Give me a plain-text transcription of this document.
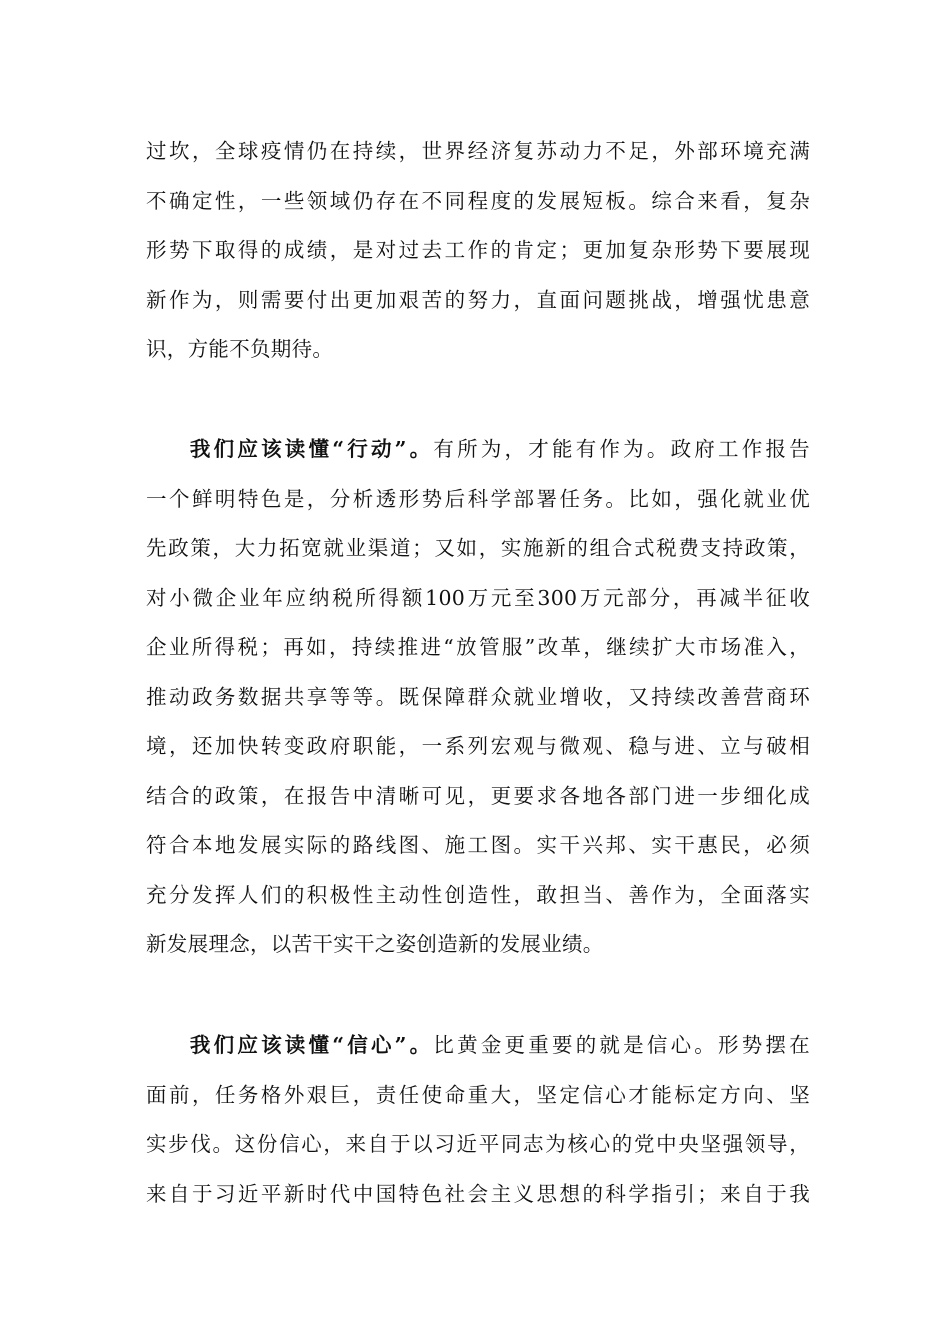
过坎，全球疫情仍在持续，世界经济复苏动力不足，外部环境充满
不确定性，一些领域仍存在不同程度的发展短板。综合来看，复杂
形势下取得的成绩，是对过去工作的肯定；更加复杂形势下要展现
新作为，则需要付出更加艰苦的努力，直面问题挑战，增强忧患意
识，方能不负期待。
我们应该读懂“行动”。有所为，才能有作为。政府工作报告
一个鲜明特色是，分析透形势后科学部署任务。比如，强化就业优
先政策，大力拓宽就业渠道；又如，实施新的组合式税费支持政策，
对小微企业年应纳税所得额100万元至300万元部分，再减半征收
企业所得税；再如，持续推进“放管服”改革，继续扩大市场准入，
推动政务数据共享等等。既保障群众就业增收，又持续改善营商环
境，还加快转变政府职能，一系列宏观与微观、稳与进、立与破相
结合的政策，在报告中清晰可见，更要求各地各部门进一步细化成
符合本地发展实际的路线图、施工图。实干兴邦、实干惠民，必须
充分发挥人们的积极性主动性创造性，敢担当、善作为，全面落实
新发展理念，以苦干实干之姿创造新的发展业绩。
我们应该读懂“信心”。比黄金更重要的就是信心。形势摆在
面前，任务格外艰巨，责任使命重大，坚定信心才能标定方向、坚
实步伐。这份信心，来自于以习近平同志为核心的党中央坚强领导，
来自于习近平新时代中国特色社会主义思想的科学指引；来自于我
